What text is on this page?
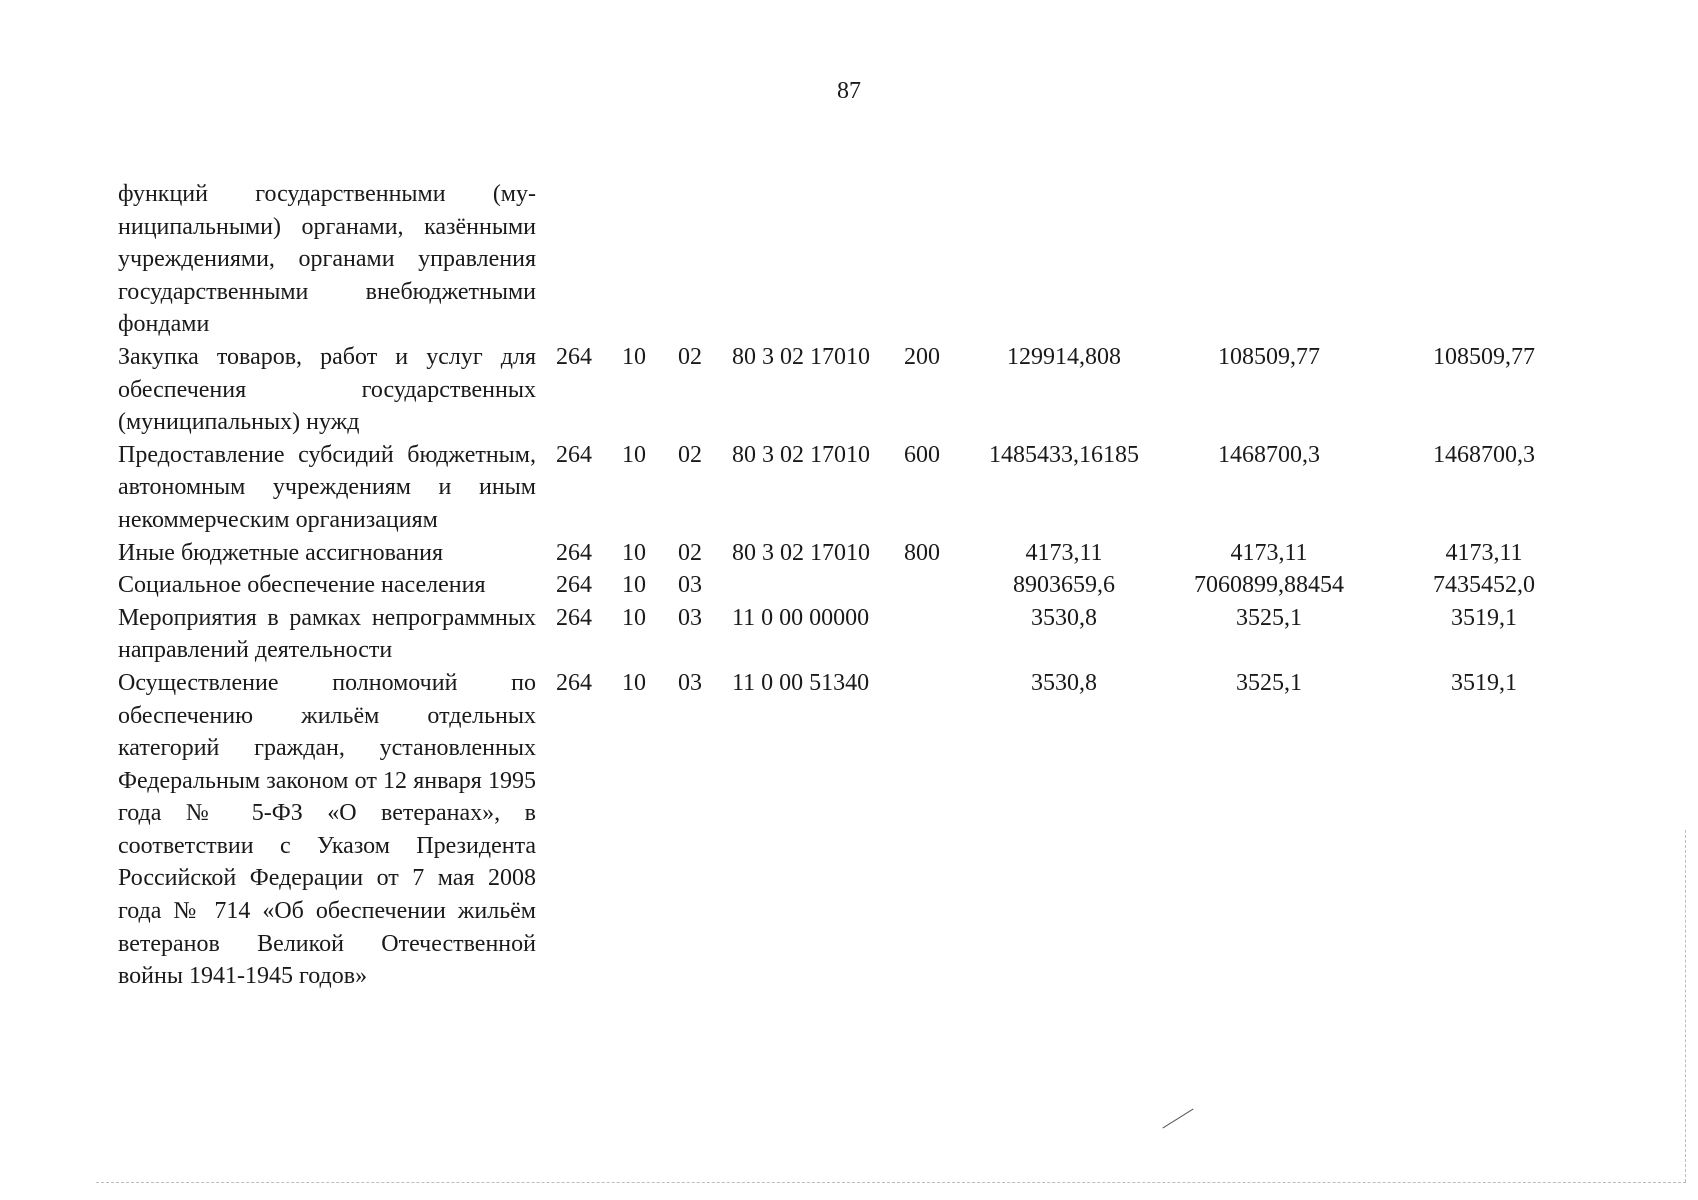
87
функций государственными (муниципальными) органами, казёнными учреждениями, органами управления государственными внебюджетными фондами								
Закупка товаров, работ и услуг для обеспечения государственных (муниципальных) нужд	264	10	02	80 3 02 17010	200	129914,808	108509,77	108509,77
Предоставление субсидий бюджетным, автономным учреждениям и иным некоммерческим организациям	264	10	02	80 3 02 17010	600	1485433,16185	1468700,3	1468700,3
Иные бюджетные ассигнования	264	10	02	80 3 02 17010	800	4173,11	4173,11	4173,11
Социальное обеспечение населения	264	10	03			8903659,6	7060899,88454	7435452,0
Мероприятия в рамках непрограммных направлений деятельности	264	10	03	11 0 00 00000		3530,8	3525,1	3519,1
Осуществление полномочий по обеспечению жильём отдельных категорий граждан, установленных Федеральным законом от 12 января 1995 года № 5-ФЗ «О ветеранах», в соответствии с Указом Президента Российской Федерации от 7 мая 2008 года № 714 «Об обеспечении жильём ветеранов Великой Отечественной войны 1941-1945 годов»	264	10	03	11 0 00 51340		3530,8	3525,1	3519,1
